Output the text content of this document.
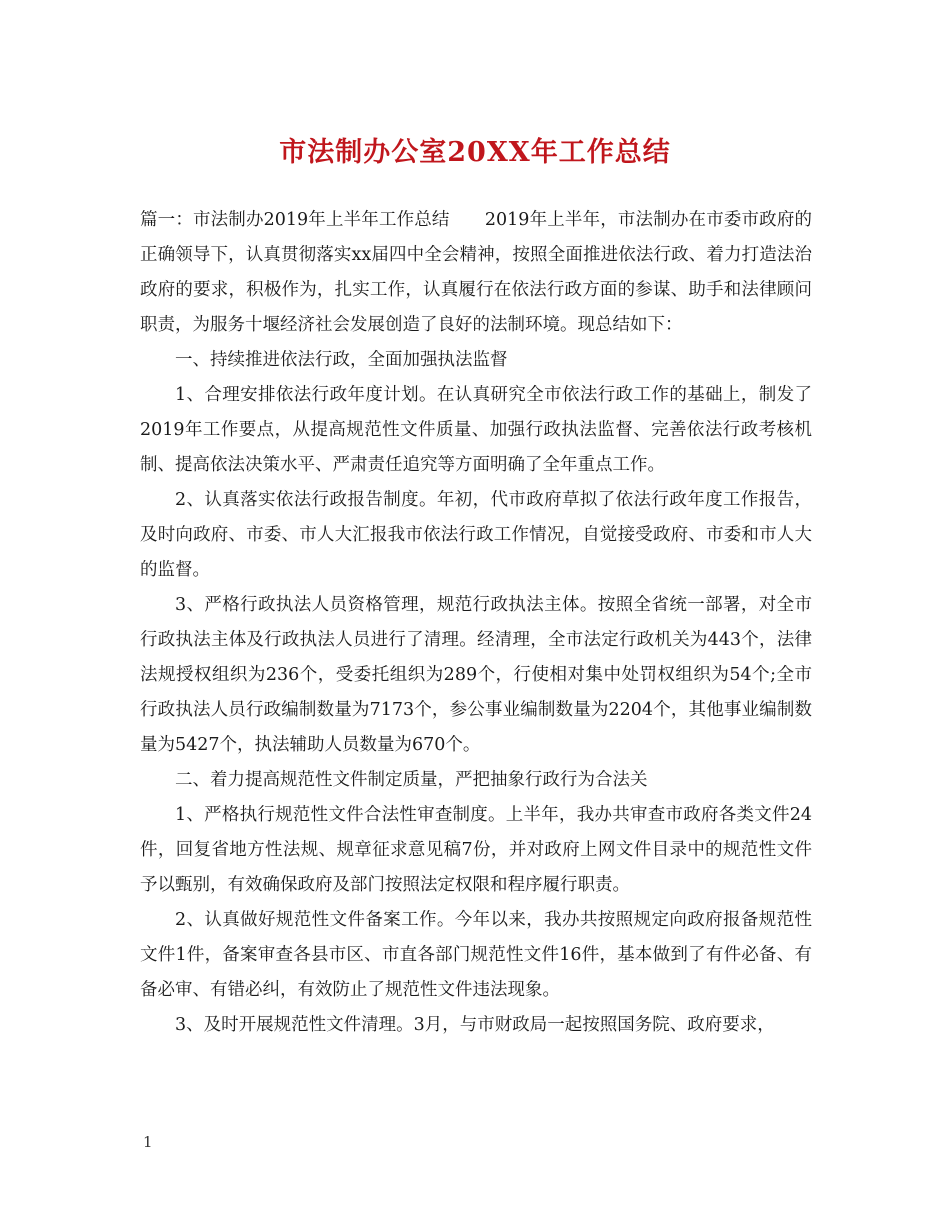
市法制办公室20XX年工作总结

篇一：市法制办2019年上半年工作总结　　2019年上半年，市法制办在市委市政府的正确领导下，认真贯彻落实xx届四中全会精神，按照全面推进依法行政、着力打造法治政府的要求，积极作为，扎实工作，认真履行在依法行政方面的参谋、助手和法律顾问职责，为服务十堰经济社会发展创造了良好的法制环境。现总结如下：

一、持续推进依法行政，全面加强执法监督

1、合理安排依法行政年度计划。在认真研究全市依法行政工作的基础上，制发了2019年工作要点，从提高规范性文件质量、加强行政执法监督、完善依法行政考核机制、提高依法决策水平、严肃责任追究等方面明确了全年重点工作。

2、认真落实依法行政报告制度。年初，代市政府草拟了依法行政年度工作报告，及时向政府、市委、市人大汇报我市依法行政工作情况，自觉接受政府、市委和市人大的监督。

3、严格行政执法人员资格管理，规范行政执法主体。按照全省统一部署，对全市行政执法主体及行政执法人员进行了清理。经清理，全市法定行政机关为443个，法律法规授权组织为236个，受委托组织为289个，行使相对集中处罚权组织为54个;全市行政执法人员行政编制数量为7173个，参公事业编制数量为2204个，其他事业编制数量为5427个，执法辅助人员数量为670个。

二、着力提高规范性文件制定质量，严把抽象行政行为合法关

1、严格执行规范性文件合法性审查制度。上半年，我办共审查市政府各类文件24件，回复省地方性法规、规章征求意见稿7份，并对政府上网文件目录中的规范性文件予以甄别，有效确保政府及部门按照法定权限和程序履行职责。

2、认真做好规范性文件备案工作。今年以来，我办共按照规定向政府报备规范性文件1件，备案审查各县市区、市直各部门规范性文件16件，基本做到了有件必备、有备必审、有错必纠，有效防止了规范性文件违法现象。

3、及时开展规范性文件清理。3月，与市财政局一起按照国务院、政府要求，

1
